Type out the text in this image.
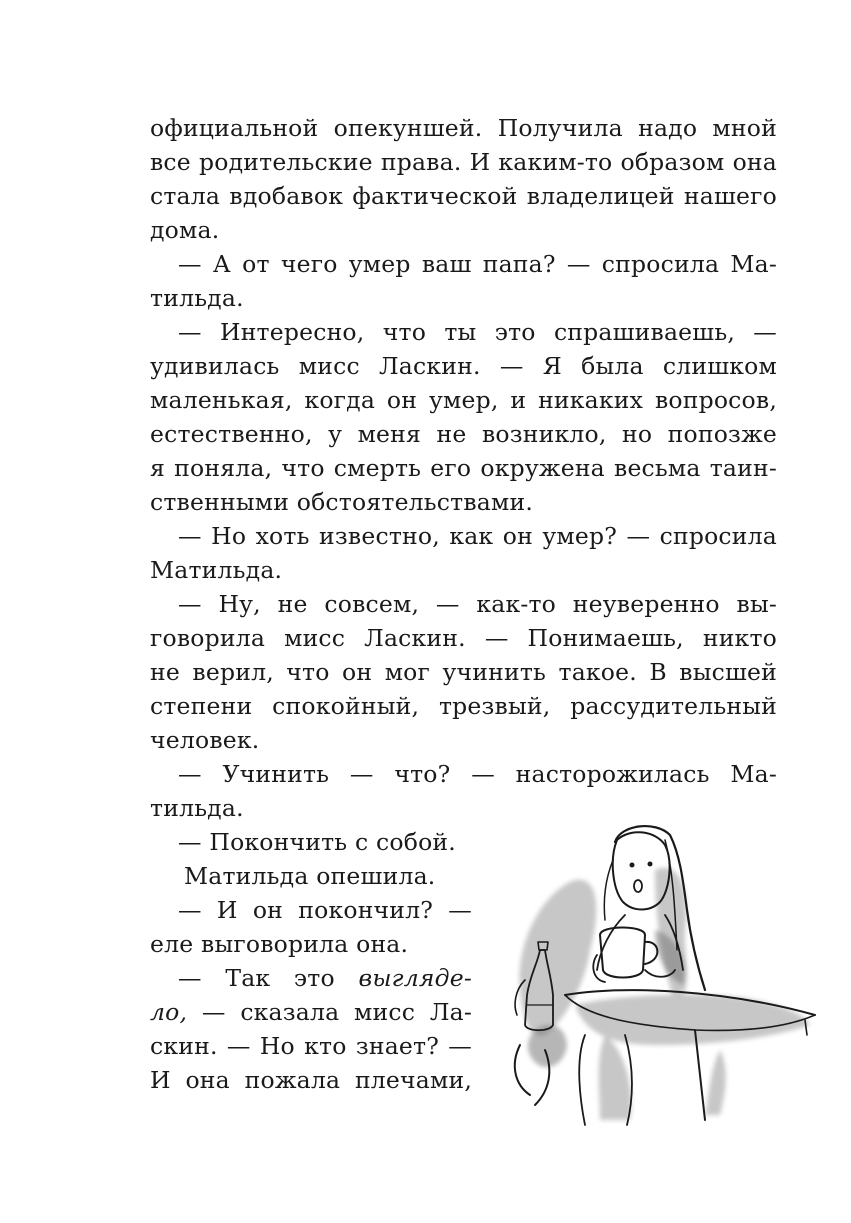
официальной опекуншей. Получила надо мной
все родительские права. И каким-то образом она
стала вдобавок фактической владелицей нашего
дома.
— А от чего умер ваш папа? — спросила Ма-
тильда.
— Интересно, что ты это спрашиваешь, —
удивилась мисс Ласкин. — Я была слишком
маленькая, когда он умер, и никаких вопросов,
естественно, у меня не возникло, но попозже
я поняла, что смерть его окружена весьма таин-
ственными обстоятельствами.
— Но хоть известно, как он умер? — спросила
Матильда.
— Ну, не совсем, — как-то неуверенно вы-
говорила мисс Ласкин. — Понимаешь, никто
не верил, что он мог учинить такое. В высшей
степени спокойный, трезвый, рассудительный
человек.
— Учинить — что? — насторожилась Ма-
тильда.
— Покончить с собой.
Матильда опешила.
— И он покончил? —
еле выговорила она.
— Так это выглядe-
ло, — сказала мисс Ла-
скин. — Но кто знает? —
И она пожала плечами,
